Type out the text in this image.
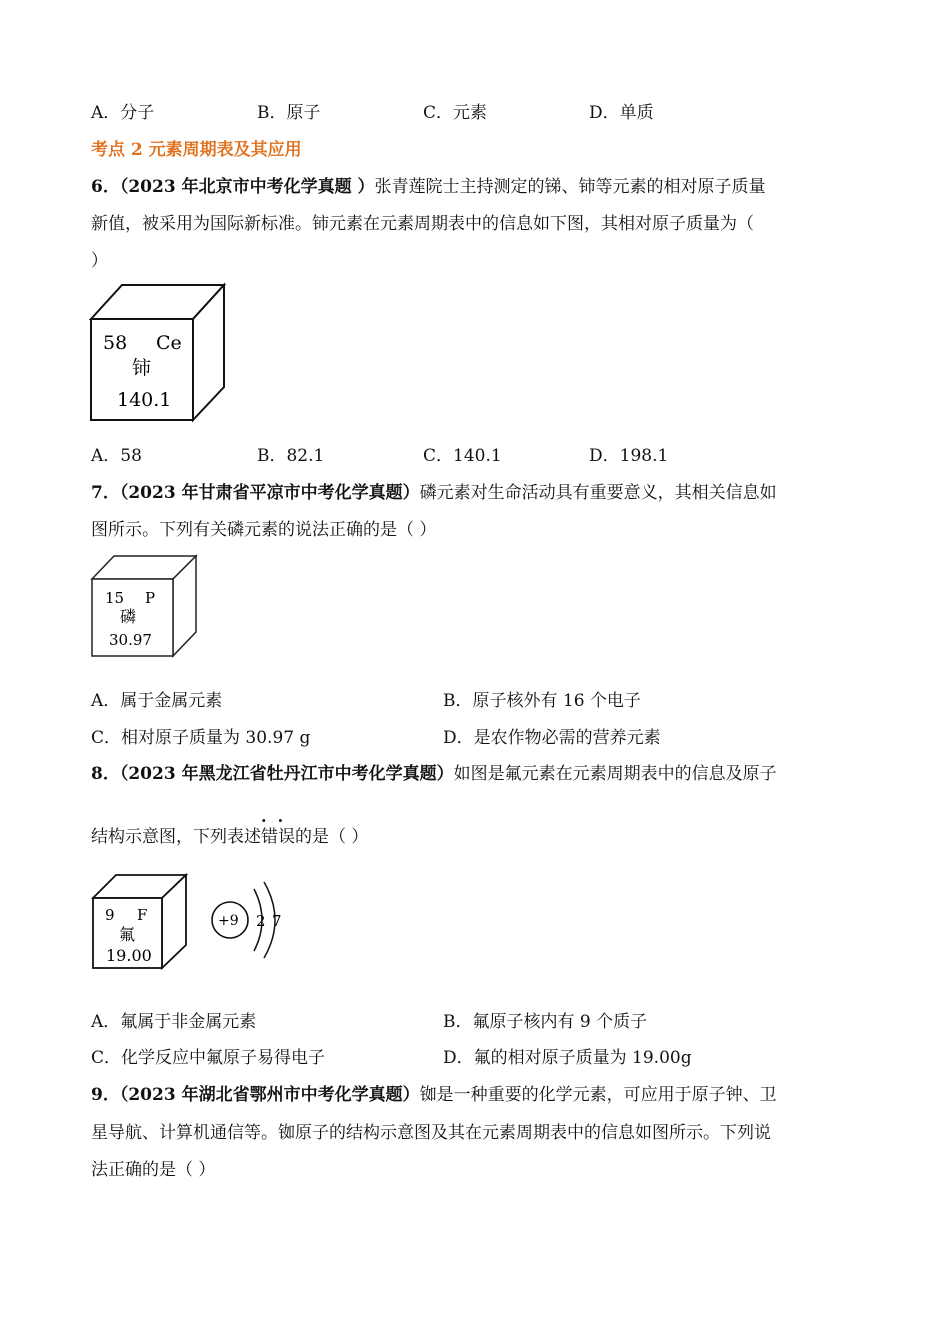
A．分子	B．原子	C．元素	D．单质
考点 2 元素周期表及其应用
6．（2023 年北京市中考化学真题 ）张青莲院士主持测定的锑、铈等元素的相对原子质量
新值，被采用为国际新标准。铈元素在元素周期表中的信息如下图，其相对原子质量为（
）
58 Ce
铈
140.1
A．58	B．82.1	C．140.1	D．198.1
7．（2023 年甘肃省平凉市中考化学真题）磷元素对生命活动具有重要意义，其相关信息如
图所示。下列有关磷元素的说法正确的是（ ）
15 P
磷
30.97
A．属于金属元素	B．原子核外有 16 个电子
C．相对原子质量为 30.97 g	D．是农作物必需的营养元素
8．（2023 年黑龙江省牡丹江市中考化学真题）如图是氟元素在元素周期表中的信息及原子
结构示意图，下列表述
··
错误的是（ ）
9 F
氟
19.00
+9 2 7
A．氟属于非金属元素	B．氟原子核内有 9 个质子
C．化学反应中氟原子易得电子	D．氟的相对原子质量为 19.00g
9．（2023 年湖北省鄂州市中考化学真题）铷是一种重要的化学元素，可应用于原子钟、卫
星导航、计算机通信等。铷原子的结构示意图及其在元素周期表中的信息如图所示。下列说
法正确的是（ ）
